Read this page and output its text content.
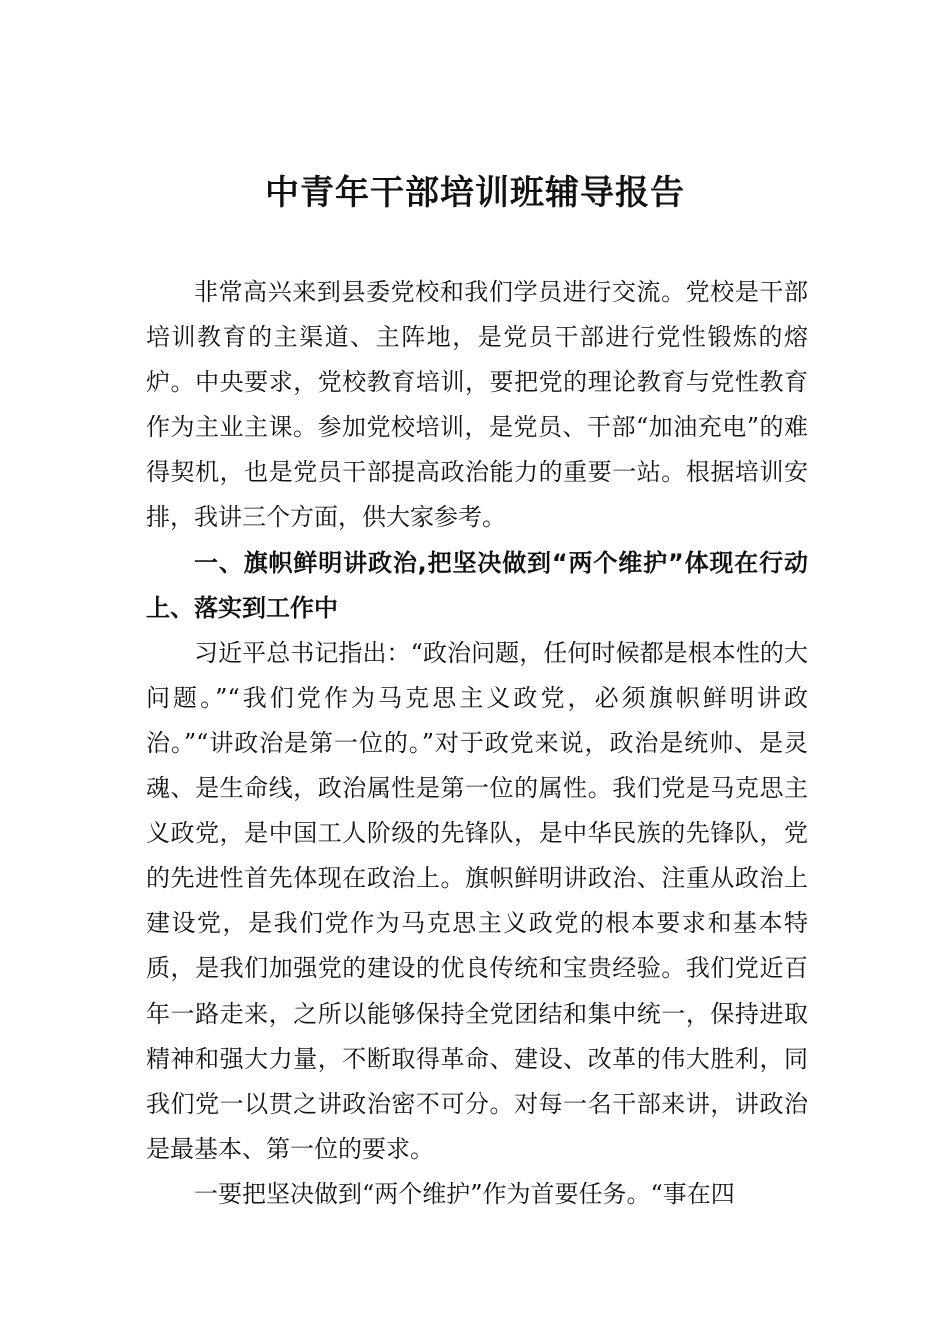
中青年干部培训班辅导报告

非常高兴来到县委党校和我们学员进行交流。党校是干部培训教育的主渠道、主阵地，是党员干部进行党性锻炼的熔炉。中央要求，党校教育培训，要把党的理论教育与党性教育作为主业主课。参加党校培训，是党员、干部“加油充电”的难得契机，也是党员干部提高政治能力的重要一站。根据培训安排，我讲三个方面，供大家参考。

一、旗帜鲜明讲政治,把坚决做到“两个维护”体现在行动上、落实到工作中

习近平总书记指出：“政治问题，任何时候都是根本性的大问题。”“我们党作为马克思主义政党，必须旗帜鲜明讲政治。”“讲政治是第一位的。”对于政党来说，政治是统帅、是灵魂、是生命线，政治属性是第一位的属性。我们党是马克思主义政党，是中国工人阶级的先锋队，是中华民族的先锋队，党的先进性首先体现在政治上。旗帜鲜明讲政治、注重从政治上建设党，是我们党作为马克思主义政党的根本要求和基本特质，是我们加强党的建设的优良传统和宝贵经验。我们党近百年一路走来，之所以能够保持全党团结和集中统一，保持进取精神和强大力量，不断取得革命、建设、改革的伟大胜利，同我们党一以贯之讲政治密不可分。对每一名干部来讲，讲政治是最基本、第一位的要求。

一要把坚决做到“两个维护”作为首要任务。“事在四
